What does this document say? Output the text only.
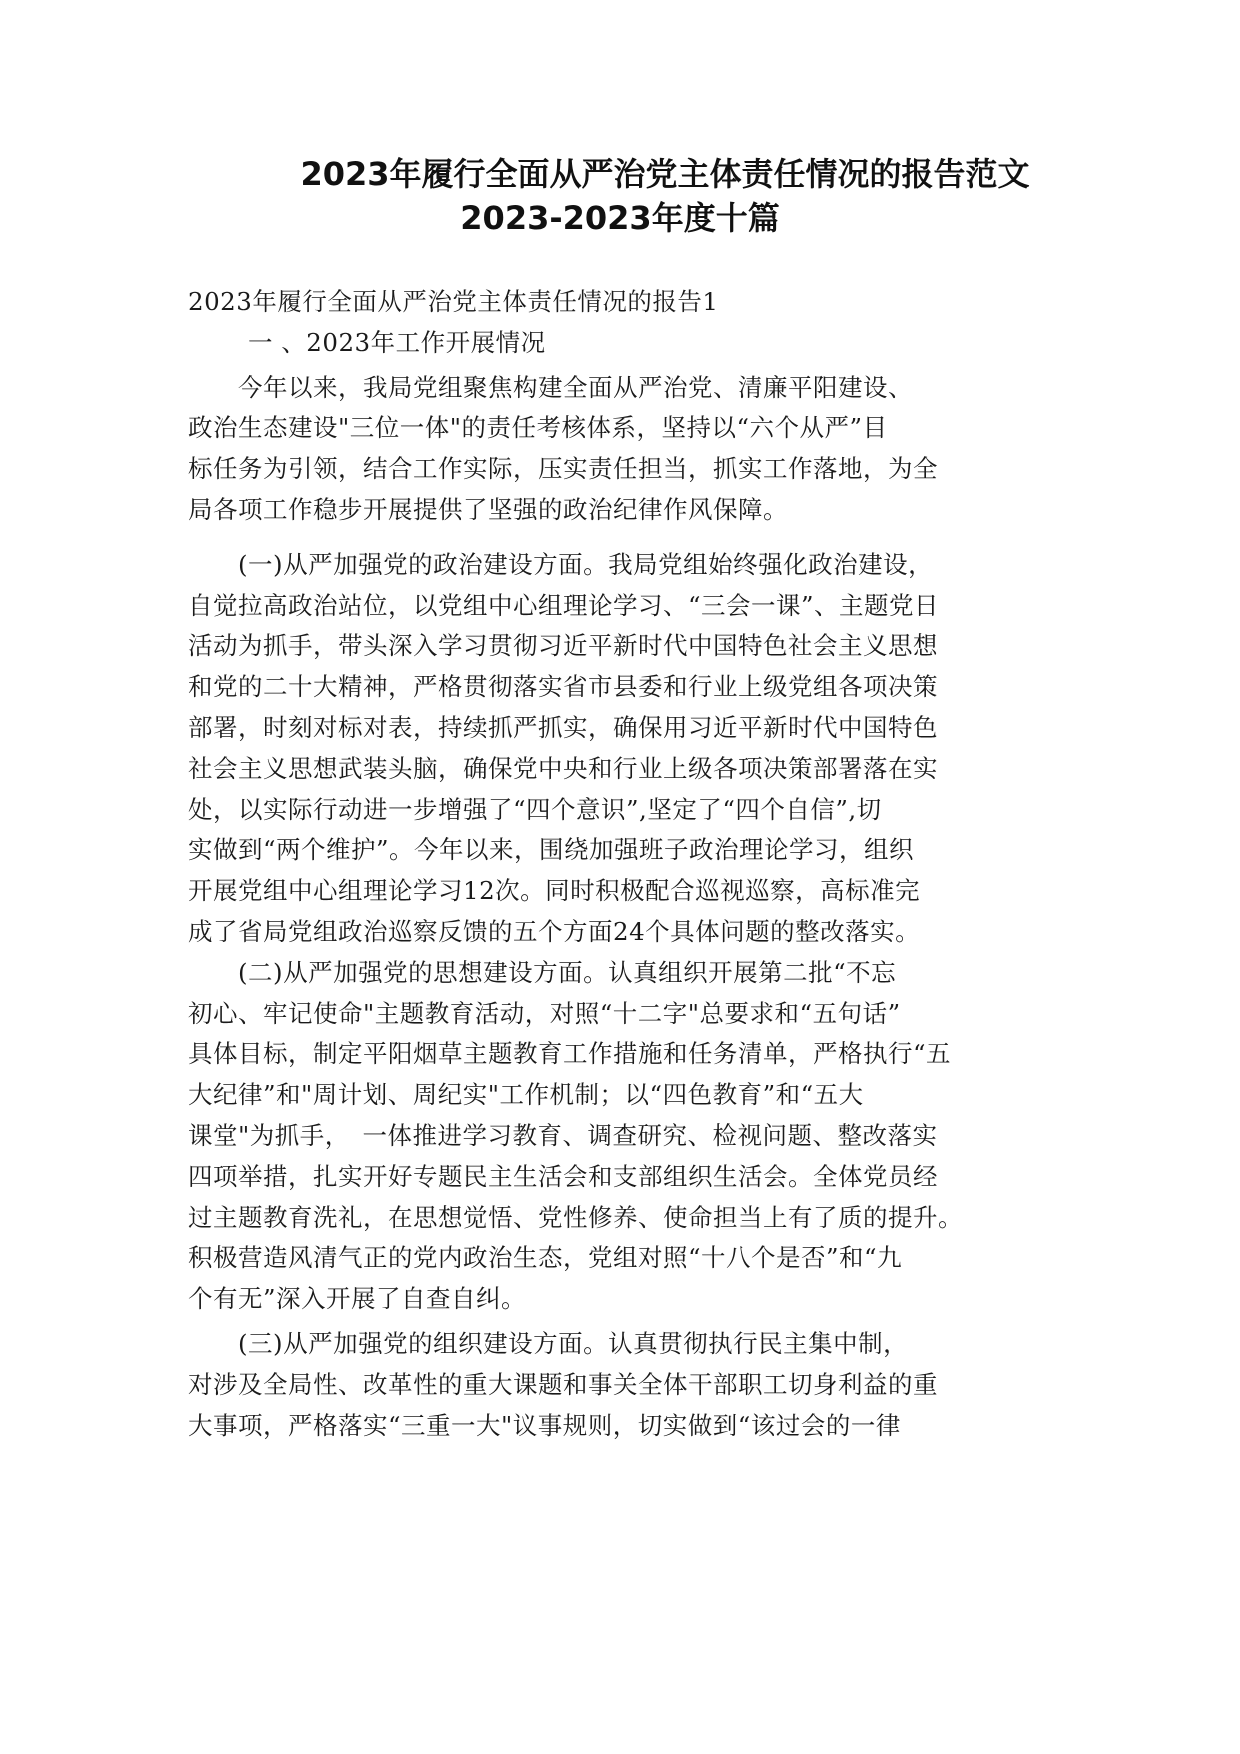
2023年履行全面从严治党主体责任情况的报告范文
2023-2023年度十篇
2023年履行全面从严治党主体责任情况的报告1
一 、2023年工作开展情况
　　今年以来，我局党组聚焦构建全面从严治党、清廉平阳建设、
政治生态建设"三位一体"的责任考核体系，坚持以“六个从严”目
标任务为引领，结合工作实际，压实责任担当，抓实工作落地，为全
局各项工作稳步开展提供了坚强的政治纪律作风保障。
　　(一)从严加强党的政治建设方面。我局党组始终强化政治建设，
自觉拉高政治站位，以党组中心组理论学习、“三会一课”、主题党日
活动为抓手，带头深入学习贯彻习近平新时代中国特色社会主义思想
和党的二十大精神，严格贯彻落实省市县委和行业上级党组各项决策
部署，时刻对标对表，持续抓严抓实，确保用习近平新时代中国特色
社会主义思想武装头脑，确保党中央和行业上级各项决策部署落在实
处，以实际行动进一步增强了“四个意识”,坚定了“四个自信”,切
实做到“两个维护”。今年以来，围绕加强班子政治理论学习，组织
开展党组中心组理论学习12次。同时积极配合巡视巡察，高标准完
成了省局党组政治巡察反馈的五个方面24个具体问题的整改落实。
　　(二)从严加强党的思想建设方面。认真组织开展第二批“不忘
初心、牢记使命"主题教育活动，对照“十二字"总要求和“五句话”
具体目标，制定平阳烟草主题教育工作措施和任务清单，严格执行“五
大纪律”和"周计划、周纪实"工作机制；以“四色教育”和“五大
课堂"为抓手，　一体推进学习教育、调查研究、检视问题、整改落实
四项举措，扎实开好专题民主生活会和支部组织生活会。全体党员经
过主题教育洗礼，在思想觉悟、党性修养、使命担当上有了质的提升。
积极营造风清气正的党内政治生态，党组对照“十八个是否”和“九
个有无”深入开展了自查自纠。
　　(三)从严加强党的组织建设方面。认真贯彻执行民主集中制，
对涉及全局性、改革性的重大课题和事关全体干部职工切身利益的重
大事项，严格落实“三重一大"议事规则，切实做到“该过会的一律
